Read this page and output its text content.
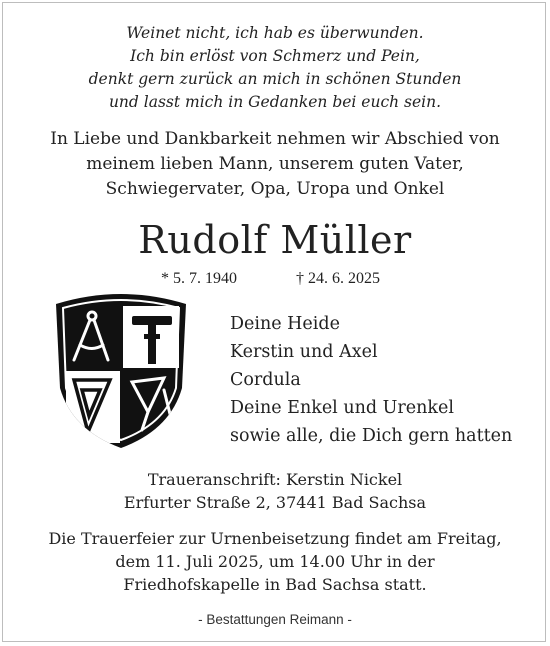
Weinet nicht, ich hab es überwunden.
Ich bin erlöst von Schmerz und Pein,
denkt gern zurück an mich in schönen Stunden
und lasst mich in Gedanken bei euch sein.
In Liebe und Dankbarkeit nehmen wir Abschied von
meinem lieben Mann, unserem guten Vater,
Schwiegervater, Opa, Uropa und Onkel
Rudolf Müller
* 5. 7. 1940	† 24. 6. 2025
Deine Heide
Kerstin und Axel
Cordula
Deine Enkel und Urenkel
sowie alle, die Dich gern hatten
Traueranschrift: Kerstin Nickel
Erfurter Straße 2, 37441 Bad Sachsa
Die Trauerfeier zur Urnenbeisetzung findet am Freitag,
dem 11. Juli 2025, um 14.00 Uhr in der
Friedhofskapelle in Bad Sachsa statt.
- Bestattungen Reimann -
